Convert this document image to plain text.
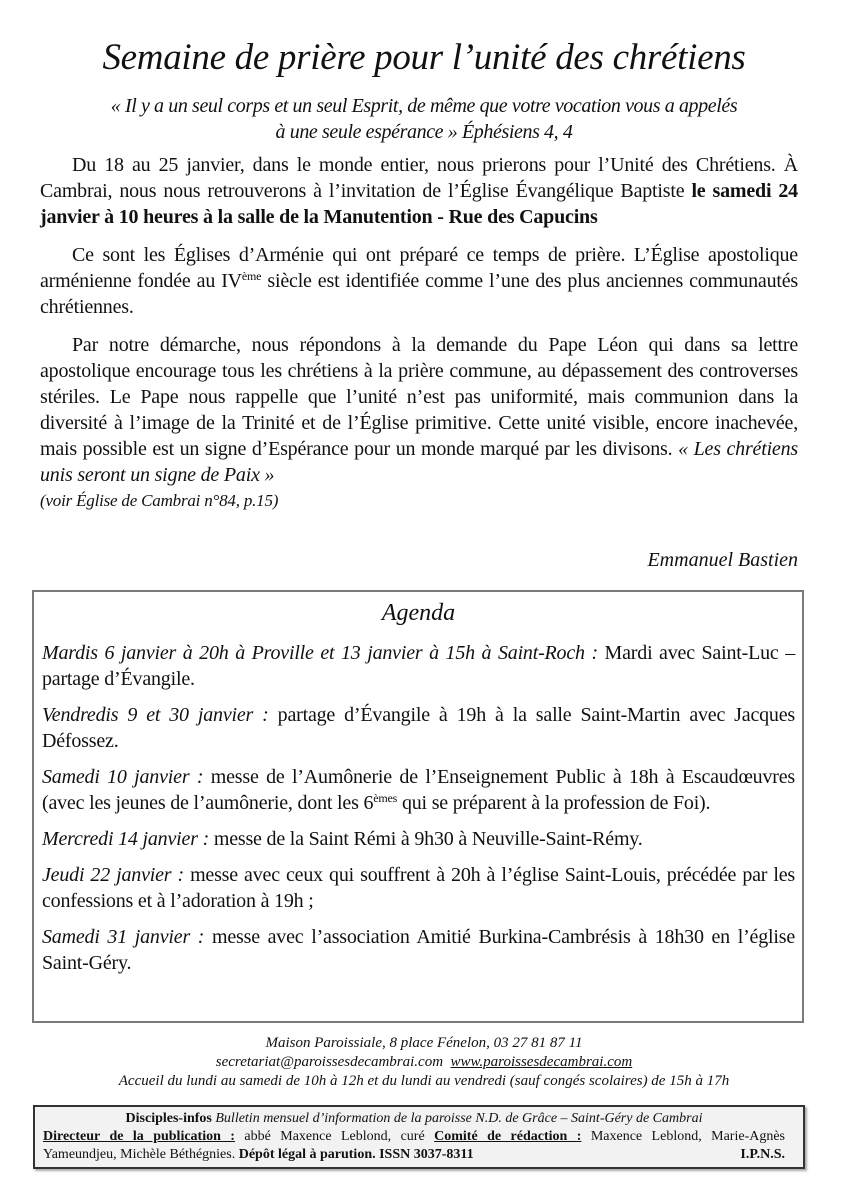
Semaine de prière pour l’unité des chrétiens
« Il y a un seul corps et un seul Esprit, de même que votre vocation vous a appelés
à une seule espérance » Éphésiens 4, 4

Du 18 au 25 janvier, dans le monde entier, nous prierons pour l’Unité des Chrétiens. À Cambrai, nous nous retrouverons à l’invitation de l’Église Évangélique Baptiste le samedi 24 janvier à 10 heures à la salle de la Manutention - Rue des Capucins

Ce sont les Églises d’Arménie qui ont préparé ce temps de prière. L’Église apostolique arménienne fondée au IVème siècle est identifiée comme l’une des plus anciennes communautés chrétiennes.

Par notre démarche, nous répondons à la demande du Pape Léon qui dans sa lettre apostolique encourage tous les chrétiens à la prière commune, au dépassement des controverses stériles. Le Pape nous rappelle que l’unité n’est pas uniformité, mais communion dans la diversité à l’image de la Trinité et de l’Église primitive. Cette unité visible, encore inachevée, mais possible est un signe d’Espérance pour un monde marqué par les divisons. « Les chrétiens unis seront un signe de Paix »
(voir Église de Cambrai n°84, p.15)

Emmanuel Bastien
Agenda
Mardis 6 janvier à 20h à Proville et 13 janvier à 15h à Saint-Roch : Mardi avec Saint-Luc – partage d’Évangile.
Vendredis 9 et 30 janvier : partage d’Évangile à 19h à la salle Saint-Martin avec Jacques Défossez.
Samedi 10 janvier : messe de l’Aumônerie de l’Enseignement Public à 18h à Escaudœuvres (avec les jeunes de l’aumônerie, dont les 6èmes qui se préparent à la profession de Foi).
Mercredi 14 janvier : messe de la Saint Rémi à 9h30 à Neuville-Saint-Rémy.
Jeudi 22 janvier : messe avec ceux qui souffrent à 20h à l’église Saint-Louis, précédée par les confessions et à l’adoration à 19h ;
Samedi 31 janvier : messe avec l’association Amitié Burkina-Cambrésis à 18h30 en l’église Saint-Géry.
Maison Paroissiale, 8 place Fénelon, 03 27 81 87 11
secretariat@paroissesdecambrai.com www.paroissesdecambrai.com
Accueil du lundi au samedi de 10h à 12h et du lundi au vendredi (sauf congés scolaires) de 15h à 17h
Disciples-infos Bulletin mensuel d’information de la paroisse N.D. de Grâce – Saint-Géry de Cambrai
Directeur de la publication : abbé Maxence Leblond, curé Comité de rédaction : Maxence Leblond, Marie-Agnès
Yameundjeu, Michèle Béthégnies. Dépôt légal à parution. ISSN 3037-8311	I.P.N.S.
